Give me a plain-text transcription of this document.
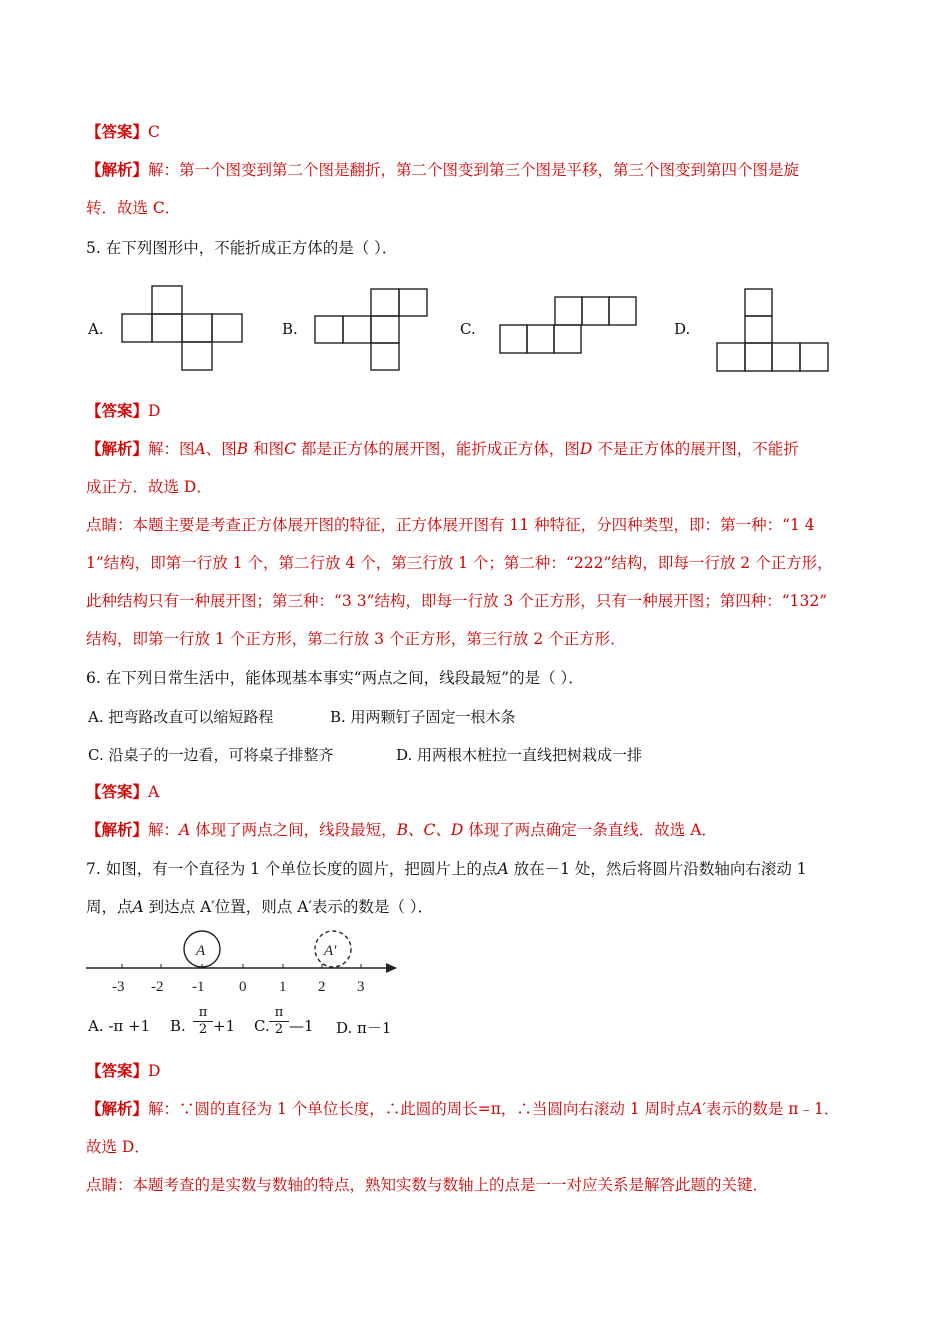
【答案】C
【解析】解：第一个图变到第二个图是翻折，第二个图变到第三个图是平移，第三个图变到第四个图是旋
转．故选 C．
5. 在下列图形中，不能折成正方体的是（ ）．
A.	B.	C.	D.
【答案】D
【解析】解：图A、图B 和图C 都是正方体的展开图，能折成正方体，图D 不是正方体的展开图，不能折
成正方．故选 D．
点睛：本题主要是考查正方体展开图的特征，正方体展开图有 11 种特征，分四种类型，即：第一种：“1 4
1”结构，即第一行放 1 个，第二行放 4 个，第三行放 1 个；第二种：“222”结构，即每一行放 2 个正方形，
此种结构只有一种展开图；第三种：“3 3”结构，即每一行放 3 个正方形，只有一种展开图；第四种：“132”
结构，即第一行放 1 个正方形，第二行放 3 个正方形，第三行放 2 个正方形．
6. 在下列日常生活中，能体现基本事实“两点之间，线段最短”的是（ ）．
A. 把弯路改直可以缩短路程	B. 用两颗钉子固定一根木条
C. 沿桌子的一边看，可将桌子排整齐	D. 用两根木桩拉一直线把树栽成一排
【答案】A
【解析】解：A 体现了两点之间，线段最短，B、C、D 体现了两点确定一条直线．故选 A．
7. 如图，有一个直径为 1 个单位长度的圆片，把圆片上的点A 放在－1 处，然后将圆片沿数轴向右滚动 1
周，点A 到达点 A′位置，则点 A′表示的数是（ ）．
-3 -2 -1 0 1 2 3
A	A′
A. -π +1 B.
π
2 +1 C.
π
2 —1 D. π－1
【答案】D
【解析】解：∵圆的直径为 1 个单位长度，∴此圆的周长=π，∴当圆向右滚动 1 周时点A′表示的数是 π﹣1．
故选 D．
点睛：本题考查的是实数与数轴的特点，熟知实数与数轴上的点是一一对应关系是解答此题的关键．
